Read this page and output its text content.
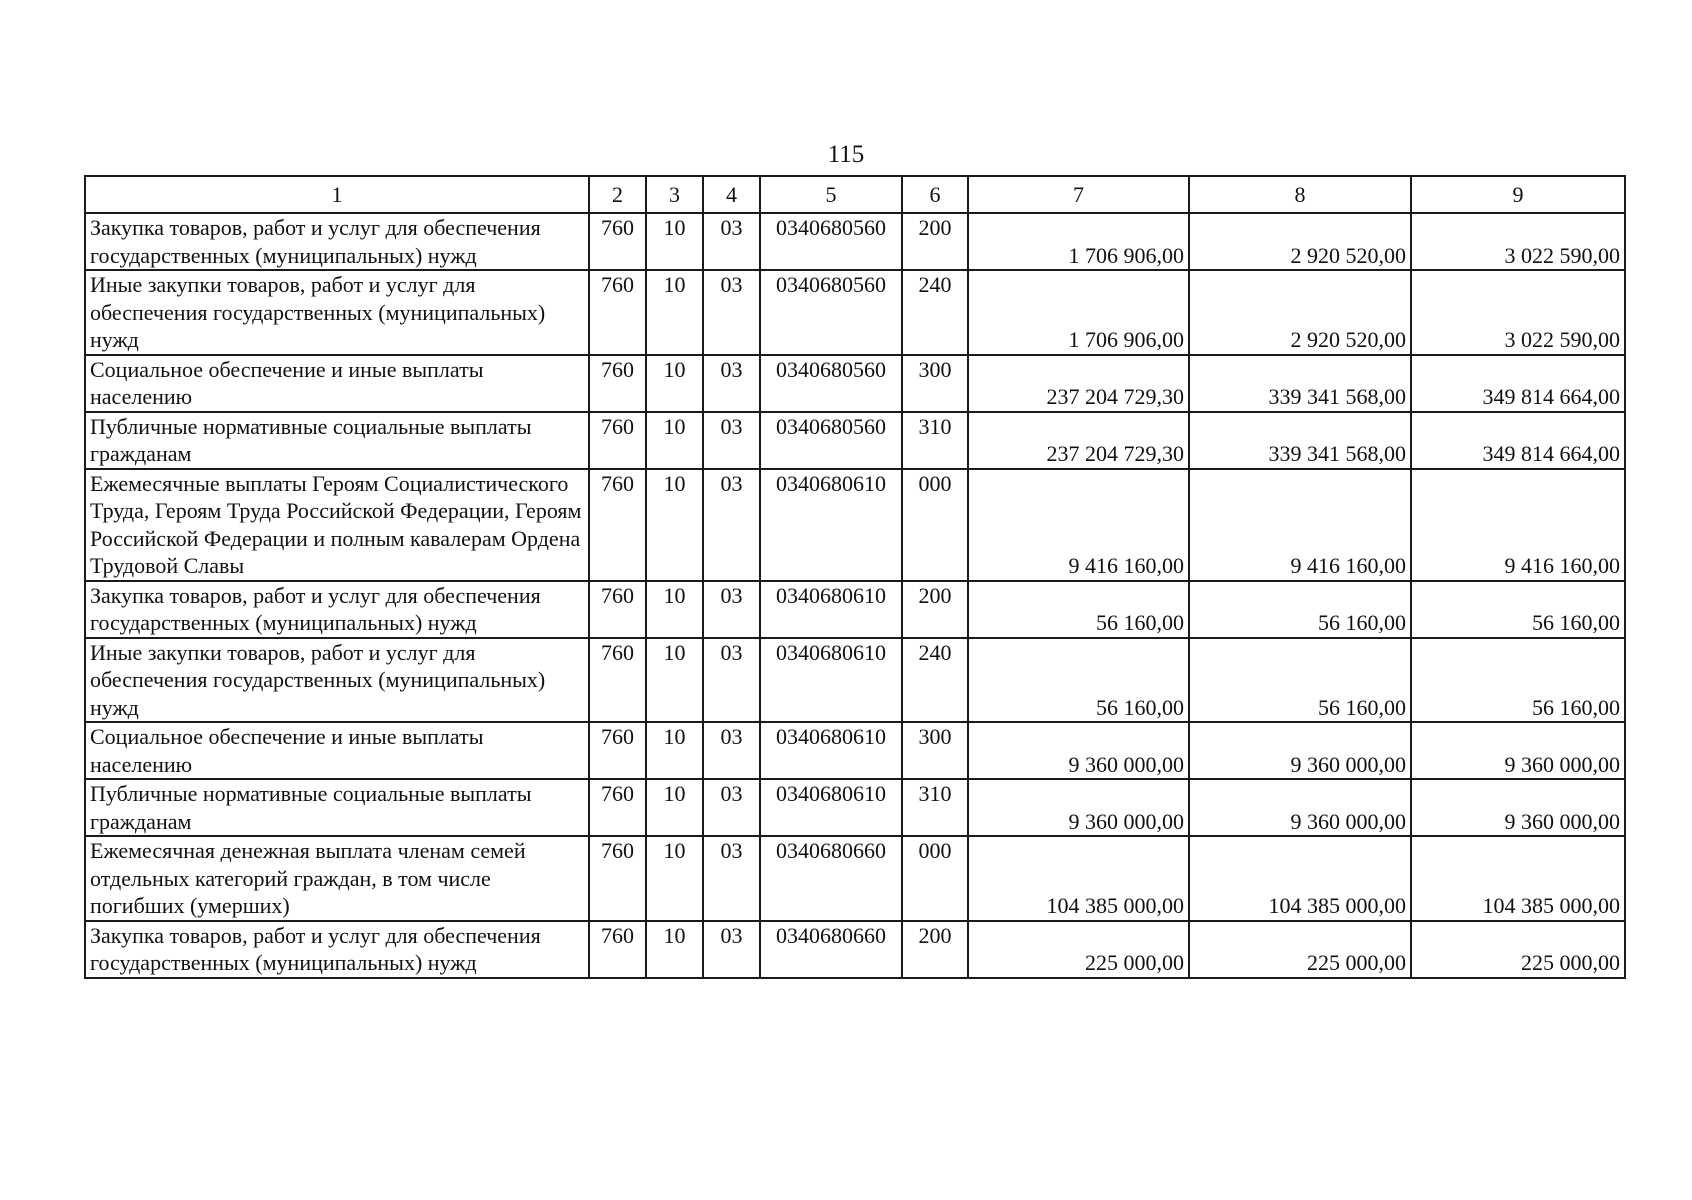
115
1	2	3	4	5	6	7	8	9
Закупка товаров, работ и услуг для обеспечения государственных (муниципальных) нужд	760	10	03	0340680560	200	1 706 906,00	2 920 520,00	3 022 590,00
Иные закупки товаров, работ и услуг для обеспечения государственных (муниципальных) нужд	760	10	03	0340680560	240	1 706 906,00	2 920 520,00	3 022 590,00
Социальное обеспечение и иные выплаты населению	760	10	03	0340680560	300	237 204 729,30	339 341 568,00	349 814 664,00
Публичные нормативные социальные выплаты гражданам	760	10	03	0340680560	310	237 204 729,30	339 341 568,00	349 814 664,00
Ежемесячные выплаты Героям Социалистического Труда, Героям Труда Российской Федерации, Героям Российской Федерации и полным кавалерам Ордена Трудовой Славы	760	10	03	0340680610	000	9 416 160,00	9 416 160,00	9 416 160,00
Закупка товаров, работ и услуг для обеспечения государственных (муниципальных) нужд	760	10	03	0340680610	200	56 160,00	56 160,00	56 160,00
Иные закупки товаров, работ и услуг для обеспечения государственных (муниципальных) нужд	760	10	03	0340680610	240	56 160,00	56 160,00	56 160,00
Социальное обеспечение и иные выплаты населению	760	10	03	0340680610	300	9 360 000,00	9 360 000,00	9 360 000,00
Публичные нормативные социальные выплаты гражданам	760	10	03	0340680610	310	9 360 000,00	9 360 000,00	9 360 000,00
Ежемесячная денежная выплата членам семей отдельных категорий граждан, в том числе погибших (умерших)	760	10	03	0340680660	000	104 385 000,00	104 385 000,00	104 385 000,00
Закупка товаров, работ и услуг для обеспечения государственных (муниципальных) нужд	760	10	03	0340680660	200	225 000,00	225 000,00	225 000,00
